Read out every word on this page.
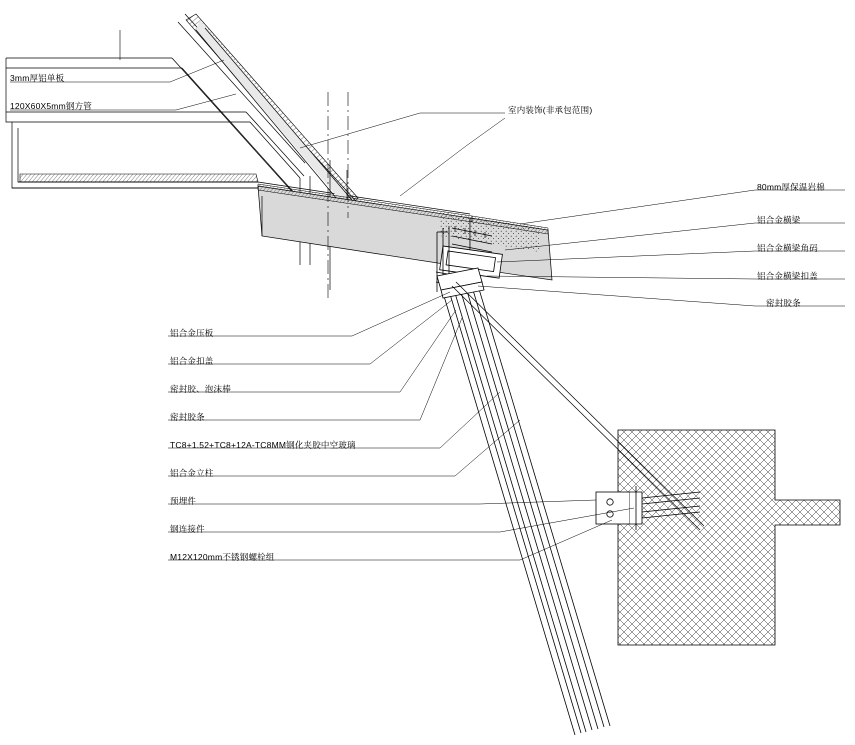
3mm厚铝单板
120X60X5mm钢方管	室内装饰(非承包范围)
80mm厚保温岩棉
铝合金横梁
铝合金横梁角码
铝合金横梁扣盖
密封胶条
铝合金压板
铝合金扣盖
密封胶、泡沫棒
密封胶条
TC8+1.52+TC8+12A-TC8MM钢化夹胶中空玻璃
铝合金立柱
预埋件
钢连接件
M12X120mm不锈钢螺栓组
